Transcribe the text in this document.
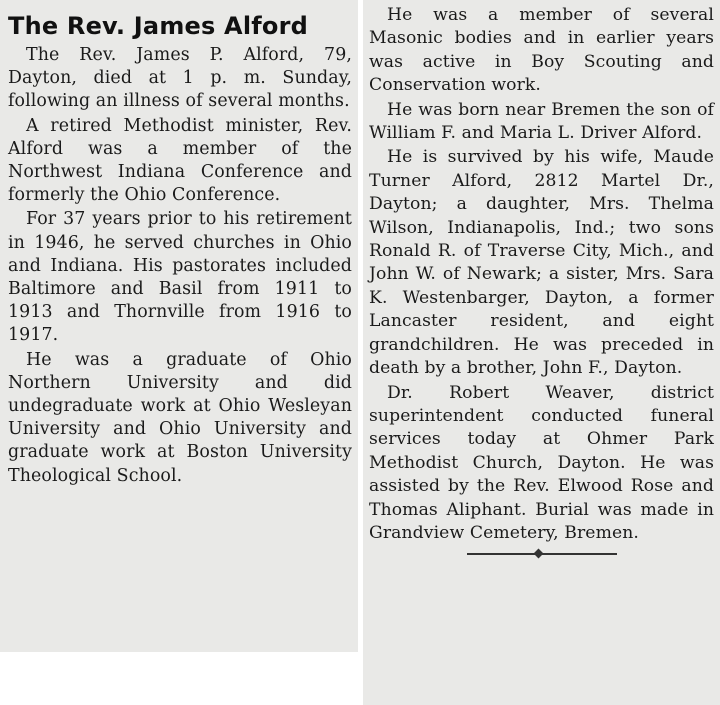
The Rev. James Alford

The Rev. James P. Alford, 79, Dayton, died at 1 p. m. Sunday, following an illness of several months.

A retired Methodist minister, Rev. Alford was a member of the Northwest Indiana Conference and formerly the Ohio Conference.

For 37 years prior to his retirement in 1946, he served churches in Ohio and Indiana. His pastorates included Baltimore and Basil from 1911 to 1913 and Thornville from 1916 to 1917.

He was a graduate of Ohio Northern University and did undegraduate work at Ohio Wesleyan University and Ohio University and graduate work at Boston University Theological School.

He was a member of several Masonic bodies and in earlier years was active in Boy Scouting and Conservation work.

He was born near Bremen the son of William F. and Maria L. Driver Alford.

He is survived by his wife, Maude Turner Alford, 2812 Martel Dr., Dayton; a daughter, Mrs. Thelma Wilson, Indianapolis, Ind.; two sons Ronald R. of Traverse City, Mich., and John W. of Newark; a sister, Mrs. Sara K. Westenbarger, Dayton, a former Lancaster resident, and eight grandchildren. He was preceded in death by a brother, John F., Dayton.

Dr. Robert Weaver, district superintendent conducted funeral services today at Ohmer Park Methodist Church, Dayton. He was assisted by the Rev. Elwood Rose and Thomas Aliphant. Burial was made in Grandview Cemetery, Bremen.
